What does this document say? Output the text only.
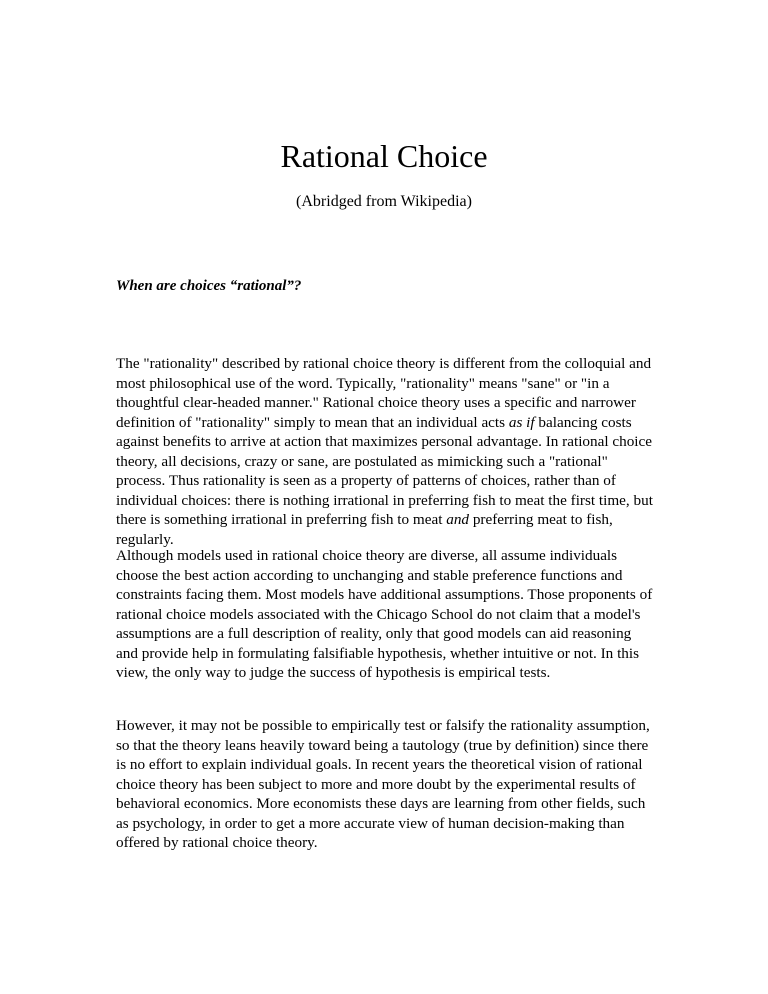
Rational Choice
(Abridged from Wikipedia)
When are choices “rational”?

The "rationality" described by rational choice theory is different from the colloquial and most philosophical use of the word. Typically, "rationality" means "sane" or "in a thoughtful clear-headed manner." Rational choice theory uses a specific and narrower definition of "rationality" simply to mean that an individual acts as if balancing costs against benefits to arrive at action that maximizes personal advantage. In rational choice theory, all decisions, crazy or sane, are postulated as mimicking such a "rational" process. Thus rationality is seen as a property of patterns of choices, rather than of individual choices: there is nothing irrational in preferring fish to meat the first time, but there is something irrational in preferring fish to meat and preferring meat to fish, regularly.

Although models used in rational choice theory are diverse, all assume individuals choose the best action according to unchanging and stable preference functions and constraints facing them. Most models have additional assumptions. Those proponents of rational choice models associated with the Chicago School do not claim that a model's assumptions are a full description of reality, only that good models can aid reasoning and provide help in formulating falsifiable hypothesis, whether intuitive or not. In this view, the only way to judge the success of hypothesis is empirical tests.

However, it may not be possible to empirically test or falsify the rationality assumption, so that the theory leans heavily toward being a tautology (true by definition) since there is no effort to explain individual goals. In recent years the theoretical vision of rational choice theory has been subject to more and more doubt by the experimental results of behavioral economics. More economists these days are learning from other fields, such as psychology, in order to get a more accurate view of human decision-making than offered by rational choice theory.
